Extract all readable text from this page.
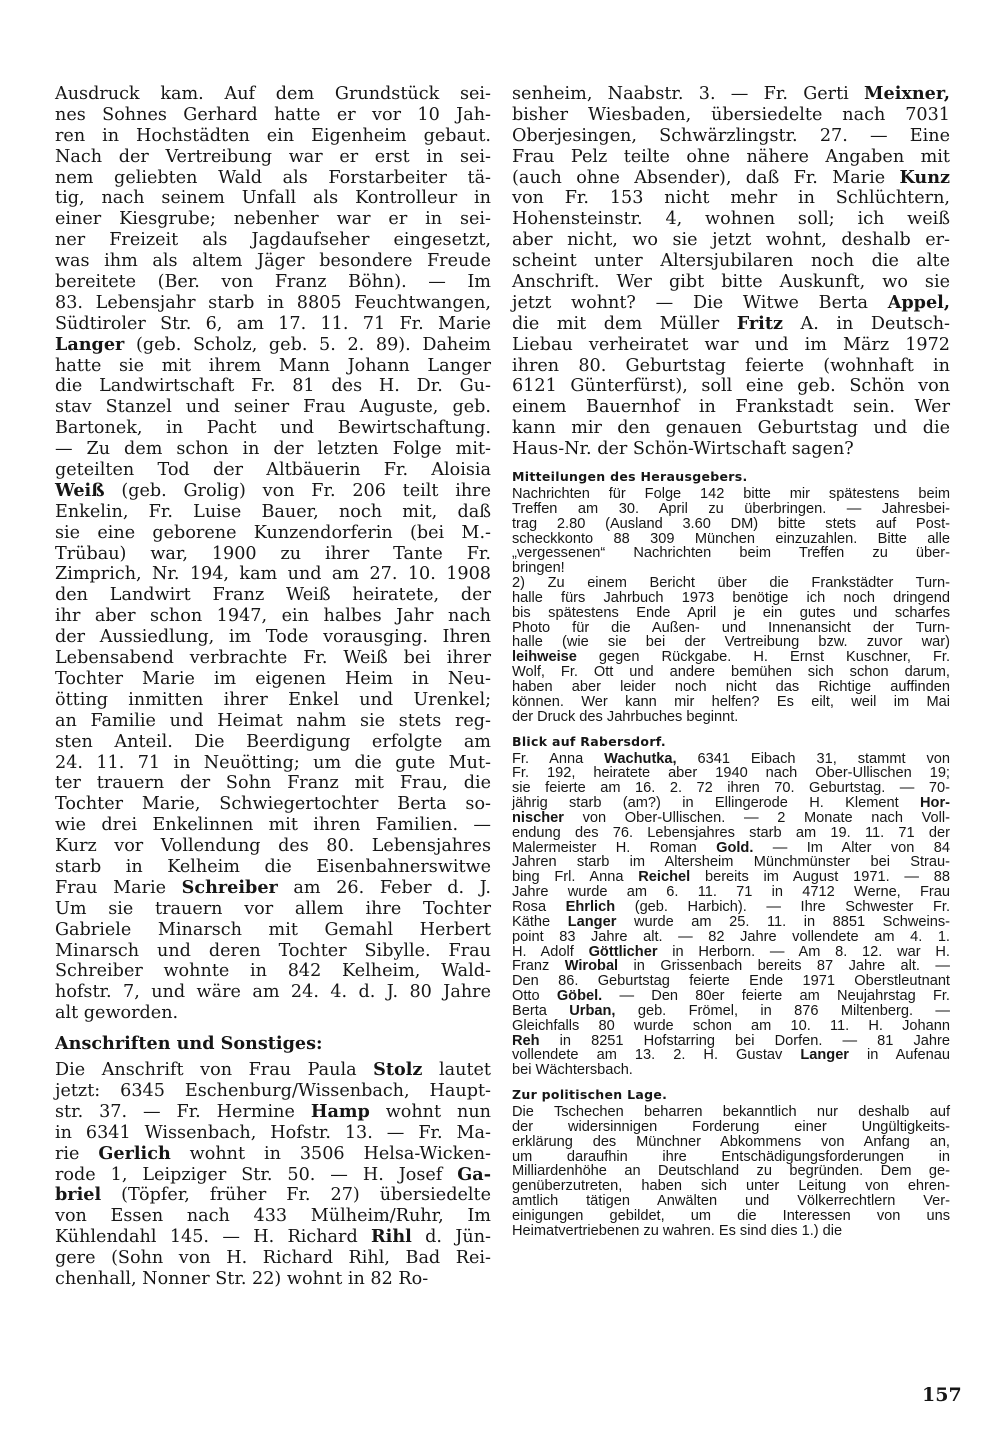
Ausdruck kam. Auf dem Grundstück sei-
nes Sohnes Gerhard hatte er vor 10 Jah-
ren in Hochstädten ein Eigenheim gebaut.
Nach der Vertreibung war er erst in sei-
nem geliebten Wald als Forstarbeiter tä-
tig, nach seinem Unfall als Kontrolleur in
einer Kiesgrube; nebenher war er in sei-
ner Freizeit als Jagdaufseher eingesetzt,
was ihm als altem Jäger besondere Freude
bereitete (Ber. von Franz Böhn). — Im
83. Lebensjahr starb in 8805 Feuchtwangen,
Südtiroler Str. 6, am 17. 11. 71 Fr. Marie
Langer (geb. Scholz, geb. 5. 2. 89). Daheim
hatte sie mit ihrem Mann Johann Langer
die Landwirtschaft Fr. 81 des H. Dr. Gu-
stav Stanzel und seiner Frau Auguste, geb.
Bartonek, in Pacht und Bewirtschaftung.
— Zu dem schon in der letzten Folge mit-
geteilten Tod der Altbäuerin Fr. Aloisia
Weiß (geb. Grolig) von Fr. 206 teilt ihre
Enkelin, Fr. Luise Bauer, noch mit, daß
sie eine geborene Kunzendorferin (bei M.-
Trübau) war, 1900 zu ihrer Tante Fr.
Zimprich, Nr. 194, kam und am 27. 10. 1908
den Landwirt Franz Weiß heiratete, der
ihr aber schon 1947, ein halbes Jahr nach
der Aussiedlung, im Tode vorausging. Ihren
Lebensabend verbrachte Fr. Weiß bei ihrer
Tochter Marie im eigenen Heim in Neu-
ötting inmitten ihrer Enkel und Urenkel;
an Familie und Heimat nahm sie stets reg-
sten Anteil. Die Beerdigung erfolgte am
24. 11. 71 in Neuötting; um die gute Mut-
ter trauern der Sohn Franz mit Frau, die
Tochter Marie, Schwiegertochter Berta so-
wie drei Enkelinnen mit ihren Familien. —
Kurz vor Vollendung des 80. Lebensjahres
starb in Kelheim die Eisenbahnerswitwe
Frau Marie Schreiber am 26. Feber d. J.
Um sie trauern vor allem ihre Tochter
Gabriele Minarsch mit Gemahl Herbert
Minarsch und deren Tochter Sibylle. Frau
Schreiber wohnte in 842 Kelheim, Wald-
hofstr. 7, und wäre am 24. 4. d. J. 80 Jahre
alt geworden.
Anschriften und Sonstiges:
Die Anschrift von Frau Paula Stolz lautet
jetzt: 6345 Eschenburg/Wissenbach, Haupt-
str. 37. — Fr. Hermine Hamp wohnt nun
in 6341 Wissenbach, Hofstr. 13. — Fr. Ma-
rie Gerlich wohnt in 3506 Helsa-Wicken-
rode 1, Leipziger Str. 50. — H. Josef Ga-
briel (Töpfer, früher Fr. 27) übersiedelte
von Essen nach 433 Mülheim/Ruhr, Im
Kühlendahl 145. — H. Richard Rihl d. Jün-
gere (Sohn von H. Richard Rihl, Bad Rei-
chenhall, Nonner Str. 22) wohnt in 82 Ro-
senheim, Naabstr. 3. — Fr. Gerti Meixner,
bisher Wiesbaden, übersiedelte nach 7031
Oberjesingen, Schwärzlingstr. 27. — Eine
Frau Pelz teilte ohne nähere Angaben mit
(auch ohne Absender), daß Fr. Marie Kunz
von Fr. 153 nicht mehr in Schlüchtern,
Hohensteinstr. 4, wohnen soll; ich weiß
aber nicht, wo sie jetzt wohnt, deshalb er-
scheint unter Altersjubilaren noch die alte
Anschrift. Wer gibt bitte Auskunft, wo sie
jetzt wohnt? — Die Witwe Berta Appel,
die mit dem Müller Fritz A. in Deutsch-
Liebau verheiratet war und im März 1972
ihren 80. Geburtstag feierte (wohnhaft in
6121 Günterfürst), soll eine geb. Schön von
einem Bauernhof in Frankstadt sein. Wer
kann mir den genauen Geburtstag und die
Haus-Nr. der Schön-Wirtschaft sagen?
Mitteilungen des Herausgebers.
Nachrichten für Folge 142 bitte mir spätestens beim
Treffen am 30. April zu überbringen. — Jahresbei-
trag 2.80 (Ausland 3.60 DM) bitte stets auf Post-
scheckkonto 88 309 München einzuzahlen. Bitte alle
„vergessenen“ Nachrichten beim Treffen zu über-
bringen!
2) Zu einem Bericht über die Frankstädter Turn-
halle fürs Jahrbuch 1973 benötige ich noch dringend
bis spätestens Ende April je ein gutes und scharfes
Photo für die Außen- und Innenansicht der Turn-
halle (wie sie bei der Vertreibung bzw. zuvor war)
leihweise gegen Rückgabe. H. Ernst Kuschner, Fr.
Wolf, Fr. Ott und andere bemühen sich schon darum,
haben aber leider noch nicht das Richtige auffinden
können. Wer kann mir helfen? Es eilt, weil im Mai
der Druck des Jahrbuches beginnt.
Blick auf Rabersdorf.
Fr. Anna Wachutka, 6341 Eibach 31, stammt von
Fr. 192, heiratete aber 1940 nach Ober-Ullischen 19;
sie feierte am 16. 2. 72 ihren 70. Geburtstag. — 70-
jährig starb (am?) in Ellingerode H. Klement Hor-
nischer von Ober-Ullischen. — 2 Monate nach Voll-
endung des 76. Lebensjahres starb am 19. 11. 71 der
Malermeister H. Roman Gold. — Im Alter von 84
Jahren starb im Altersheim Münchmünster bei Strau-
bing Frl. Anna Reichel bereits im August 1971. — 88
Jahre wurde am 6. 11. 71 in 4712 Werne, Frau
Rosa Ehrlich (geb. Harbich). — Ihre Schwester Fr.
Käthe Langer wurde am 25. 11. in 8851 Schweins-
point 83 Jahre alt. — 82 Jahre vollendete am 4. 1.
H. Adolf Göttlicher in Herborn. — Am 8. 12. war H.
Franz Wirobal in Grissenbach bereits 87 Jahre alt. —
Den 86. Geburtstag feierte Ende 1971 Oberstleutnant
Otto Göbel. — Den 80er feierte am Neujahrstag Fr.
Berta Urban, geb. Frömel, in 876 Miltenberg. —
Gleichfalls 80 wurde schon am 10. 11. H. Johann
Reh in 8251 Hofstarring bei Dorfen. — 81 Jahre
vollendete am 13. 2. H. Gustav Langer in Aufenau
bei Wächtersbach.
Zur politischen Lage.
Die Tschechen beharren bekanntlich nur deshalb auf
der widersinnigen Forderung einer Ungültigkeits-
erklärung des Münchner Abkommens von Anfang an,
um daraufhin ihre Entschädigungsforderungen in
Milliardenhöhe an Deutschland zu begründen. Dem ge-
genüberzutreten, haben sich unter Leitung von ehren-
amtlich tätigen Anwälten und Völkerrechtlern Ver-
einigungen gebildet, um die Interessen von uns
Heimatvertriebenen zu wahren. Es sind dies 1.) die
157
